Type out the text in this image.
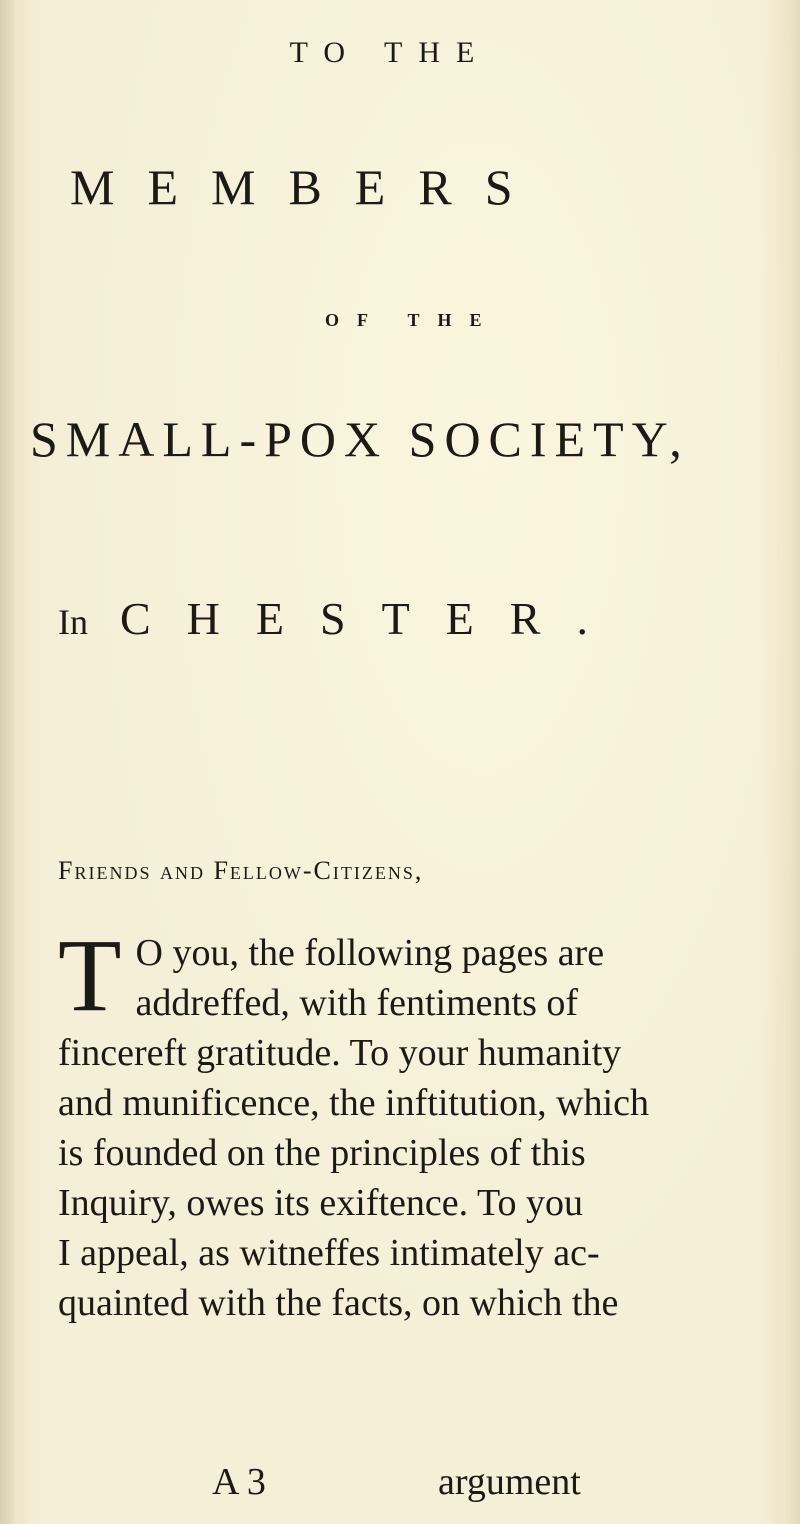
TO THE
MEMBERS
OF THE
SMALL-POX SOCIETY,
In CHESTER.
Friends and Fellow-Citizens,
T O you, the following pages are
addreffed, with fentiments of
fincereft gratitude. To your humanity
and munificence, the inftitution, which
is founded on the principles of this
Inquiry, owes its exiftence. To you
I appeal, as witneffes intimately ac-
quainted with the facts, on which the
A 3	argument
